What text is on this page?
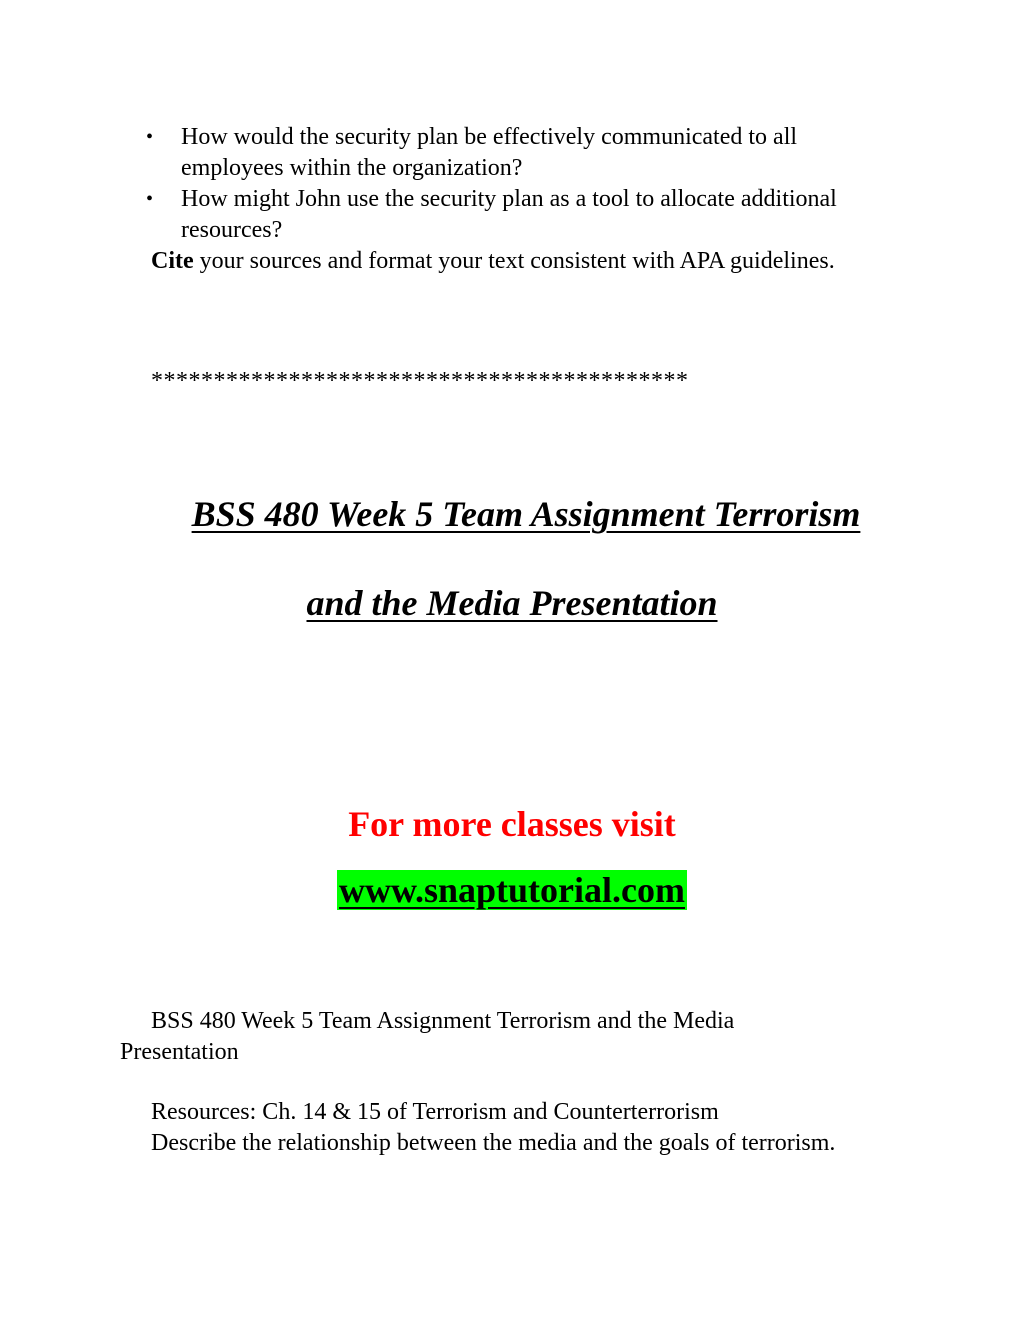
• How would the security plan be effectively communicated to all employees within the organization?
• How might John use the security plan as a tool to allocate additional resources?

Cite your sources and format your text consistent with APA guidelines.

*******************************************

BSS 480 Week 5 Team Assignment Terrorism
and the Media Presentation

For more classes visit

www.snaptutorial.com

BSS 480 Week 5 Team Assignment Terrorism and the Media Presentation

Resources: Ch. 14 & 15 of Terrorism and Counterterrorism

Describe the relationship between the media and the goals of terrorism.
